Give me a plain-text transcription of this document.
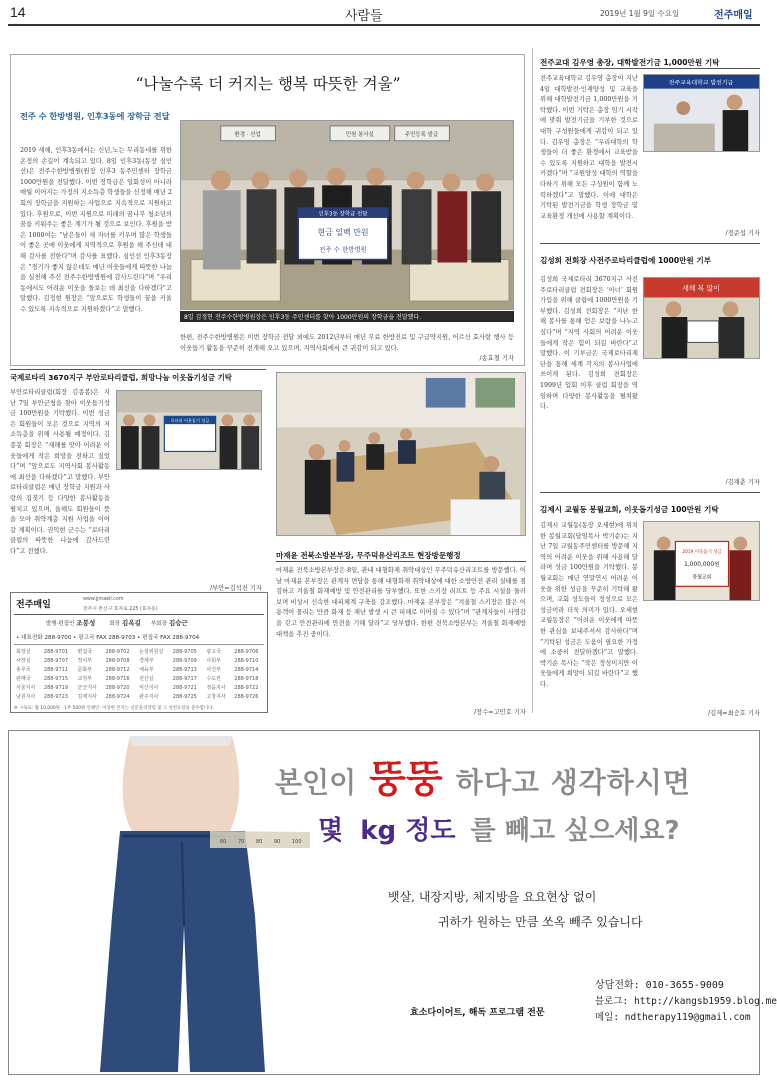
14	사람들	2019년 1월 9일 수요일	전주매일
“나눌수록 더 커지는 행복 따뜻한 겨울”
전주 수 한방병원, 인후3동에 장학금 전달
2019 새해, 인후3동에서는 신년,노는 무리동네를 위한 온정의 손길이 계속되고 있다. 8일 인후3동(동장 심인선)은 전주수한방병원(원장 인후3 동주민센터 장학금 1000만원을 전달했다. 이번 장학금은 일회성이 아니라 매월 이어지는 가정의 지소득층 학생들을 선정해 매년 2회의 장학금을 지원하는 사업으로 지속적으로 지원하고 있다. 후원으로, 이번 지원으로 미래의 꿈나무 청소년의 꿈을 키워주는 좋은 계기가 될 것으로 보인다. 후원을 받은 1000여는 “남은들이 새 자녀를 키우며 많은 학생들이 좋은 곳에 이웃에게 지역적으로 후원을 해 주신데 대해 감사를 전한다”며 감사를 표했다. 심인선 인후3동장은 “경기가 좋지 않은데도 매년 이웃들에게 따뜻한 나눔을 실천해 주신 전주수한방병원에 감사드린다”며 “우리 동에서도 어려운 이웃을 돌보는 데 최선을 다하겠다”고 말했다. 김정현 원장은 “앞으로도 학생들이 꿈을 키울 수 있도록 지속적으로 지원하겠다”고 말했다.
환경 · 산업	민원 봉사실	주민등록 발급
인후3동 장학금 전달
현금 일백 만원
전주 수 한방병원
8일 김정현 전주수한방병원장은 인후3동 주민센터를 찾아 1000만원의 장학금을 전달했다.
한편, 전주수한방병원은 이번 장학금 전달 외에도 2012년부터 매년 무료 한방진료 및 구급약지원, 어르신 효사랑 행사 등 이웃돕기 활동을 꾸준히 전개해 오고 있으며, 지역사회에서 큰 귀감이 되고 있다.
/송효철 기자
전주교대 김우영 총장, 대학발전기금 1,000만원 기탁
전주교육대학교 김우영 총장이 지난 4일 대학발전·인재양성 및 교육을 위해 대학발전기금 1,000만원을 기탁했다. 이번 기탁은 총장 임기 시작에 맞춰 발전기금을 기부한 것으로 대학 구성원들에게 귀감이 되고 있다. 김우영 총장은 “우리대학의 학생들이 더 좋은 환경에서 교육받을 수 있도록 지원하고 대학을 발전시키겠다”며 “교원양성 대학의 역할을 다하기 위해 모든 구성원이 함께 노력하겠다”고 말했다. 이에 대학은 기탁된 발전기금을 학생 장학금 및 교육환경 개선에 사용할 계획이다.
전주교육대학교 발전기금
/정준섭 기자
김성희 전회장 사전주로타리클럽에 1000만원 기부
김성희 국제로타리 3670지구 사전주로타리클럽 전회장은 ‘아너’ 회원 가입을 위해 클럽에 1000만원을 기부했다. 김성희 전회장은 “지난 한 해 봉사를 통해 얻은 보람을 나누고 싶다”며 “지역 사회의 어려운 이웃들에게 작은 힘이 되길 바란다”고 말했다. 이 기부금은 국제로타리재단을 통해 세계 각지의 봉사사업에 쓰이게 된다. 김성희 전회장은 1999년 입회 이후 클럽 회장을 역임하며 다양한 봉사활동을 펼쳐왔다.
새해 복 많이
/김재춘 기자
김제시 교월동 봉월교회, 이웃돕기성금 100만원 기탁
김제시 교월동(동장 오세현)에 위치한 봉월교회(담임목사 박기순)는 지난 7일 교월동주민센터를 방문해 지역의 어려운 이웃을 위해 사용해 달라며 성금 100만원을 기탁했다. 봉월교회는 매년 연말연시 어려운 이웃을 위한 성금을 꾸준히 기탁해 왔으며, 교회 성도들이 정성으로 모은 성금이라 더욱 의미가 있다. 오세현 교월동장은 “어려운 이웃에게 따뜻한 관심을 보내주셔서 감사하다”며 “기탁된 성금은 도움이 필요한 가정에 소중히 전달하겠다”고 말했다. 박기순 목사는 “작은 정성이지만 이웃들에게 희망이 되길 바란다”고 했다.
2019 이웃돕기 성금
1,000,000원
봉월교회
/김제=최승호 기자
국제로타리 3670지구 부안로타리클럽, 희망나눔 이웃돕기성금 기탁
부안로타리클럽(회장 김종봉)은 지난 7일 부안군청을 찾아 이웃돕기성금 100만원을 기탁했다. 이번 성금은 회원들이 모은 것으로 지역의 저소득층을 위해 사용될 예정이다. 김종봉 회장은 “새해를 맞아 어려운 이웃들에게 작은 희망을 전하고 싶었다”며 “앞으로도 지역사회 봉사활동에 최선을 다하겠다”고 말했다. 부안로타리클럽은 매년 장학금 지원과 사랑의 집짓기 등 다양한 봉사활동을 펼치고 있으며, 올해도 회원들이 뜻을 모아 취약계층 지원 사업을 이어갈 계획이다. 권익현 군수는 “로타리클럽의 따뜻한 나눔에 감사드린다”고 전했다.
로타리 이웃돕기 성금
/부안=김석진 기자
마재윤 전북소방본부장, 무주덕유산리조트 현장방문행정
마재윤 전북소방본부장은 8일, 관내 대형화재 취약대상인 무주덕유산리조트를 방문했다. 이날 마재윤 본부장은 관계자 면담을 통해 대형화재 취약대상에 대한 소방안전 관리 실태를 점검하고 겨울철 화재예방 및 안전관리를 당부했다. 또한 스키장 리프트 등 주요 시설을 둘러보며 비상시 신속한 대피체계 구축을 강조했다. 마재윤 본부장은 “겨울철 스키장은 많은 이용객이 몰리는 만큼 화재 등 재난 발생 시 큰 피해로 이어질 수 있다”며 “관계자들이 사명감을 갖고 안전관리에 만전을 기해 달라”고 당부했다. 한편 전북소방본부는 겨울철 화재예방 대책을 추진 중이다.
/장수=고민호 기자
전주매일
www.jjmaeil.com
전주시 완산구 효자로 225 (효자동)
발행·편집인 조봉성	회장 김옥길 부회장 김승근
• 대표전화 288-9700 • 광고국 FAX 288-9703 • 편집국 FAX 288-9704
회장실	288-9701	편집국	288-9702	논설위원실	288-9705	광고국	288-9706
사장실	288-9707	정치부	288-9708	경제부	288-9709	사회부	288-9710
총무국	288-9711	문화부	288-9712	체육부	288-9713	사진부	288-9714
판매국	288-9715	교정부	288-9716	전산실	288-9717	수도권	288-9718
서울지사	288-9719	군산지사	288-9720	익산지사	288-9721	정읍지사	288-9722
남원지사	288-9723	김제지사	288-9724	완주지사	288-9725	고창지사	288-9726
※ 구독료: 월 10,000원 · 1부 500원 인쇄인: 이상현 본지는 신문윤리강령 및 그 실천요강을 준수합니다.
본인이 뚱뚱 하다고 생각하시면
몇 kg 정도 를 빼고 싶으세요?
뱃살, 내장지방, 체지방을 요요현상 없이
귀하가 원하는 만큼 쏘옥 빼주 있습니다
60 70 80 90 100
효소다이어트, 해독 프로그램 전문
상담전화: 010-3655-9009
블로그: http://kangsb1959.blog.me
메일: ndtherapy119@gmail.com
